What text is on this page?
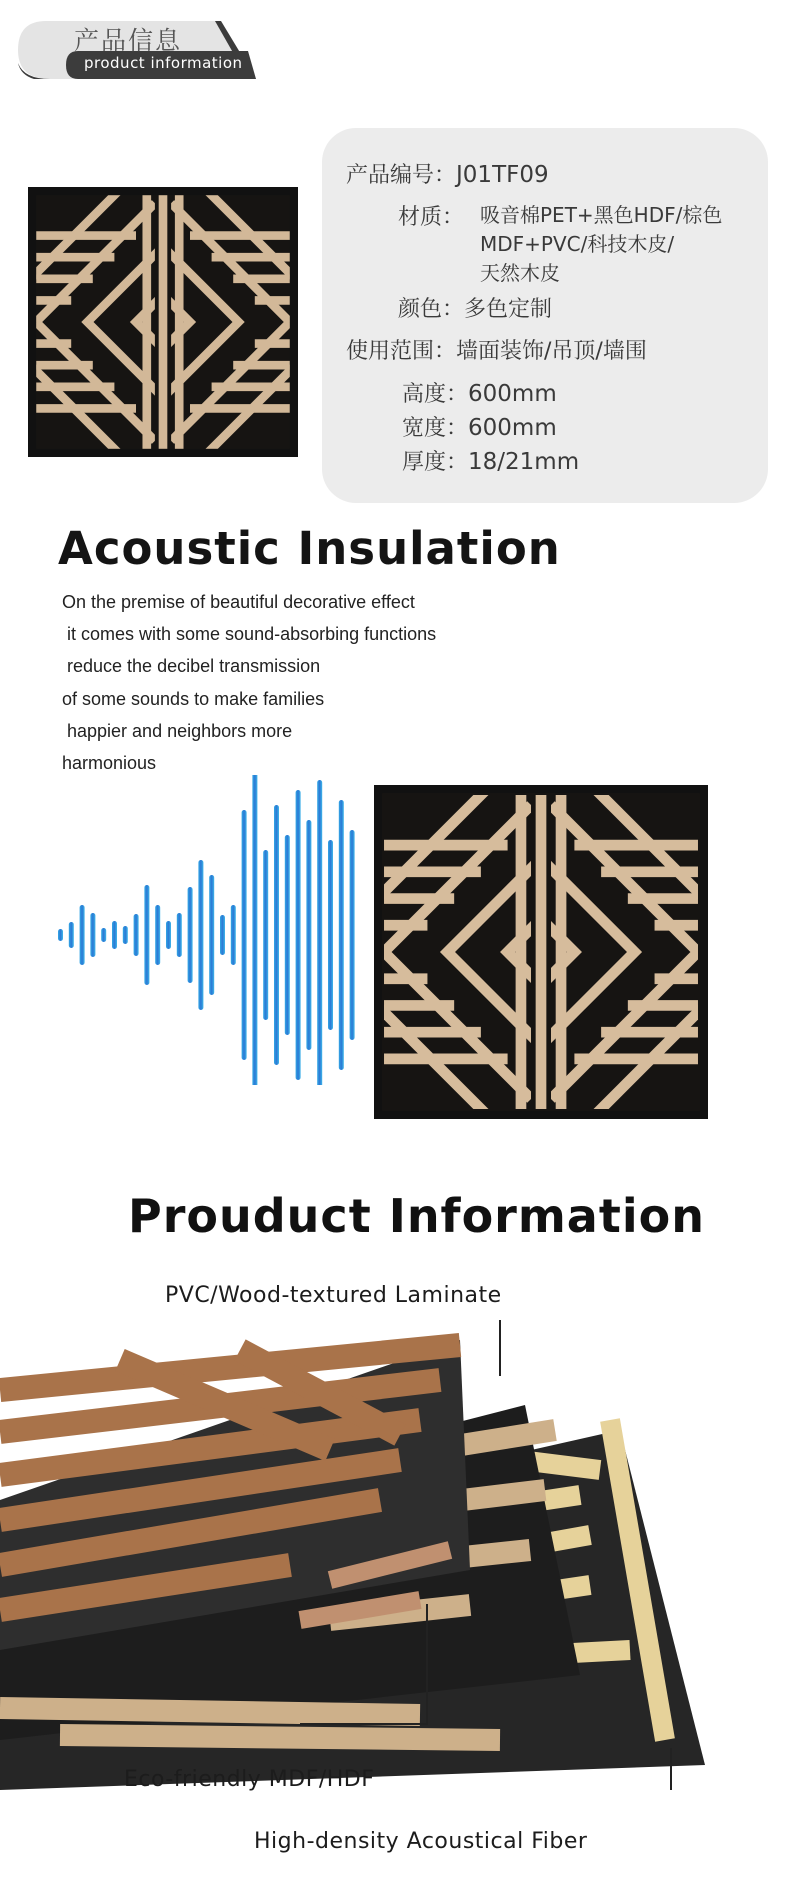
产品信息
product information
产品编号：J01TF09
材质： 吸音棉PET+黑色HDF/棕色
MDF+PVC/科技木皮/
天然木皮
颜色：多色定制
使用范围：墙面装饰/吊顶/墙围
高度：600mm
宽度：600mm
厚度：18/21mm
Acoustic Insulation
On the premise of beautiful decorative effect
it comes with some sound-absorbing functions
reduce the decibel transmission
of some sounds to make families
happier and neighbors more
harmonious
Prouduct Information
PVC/Wood-textured Laminate
Eco-friendly MDF/HDF
High-density Acoustical Fiber
